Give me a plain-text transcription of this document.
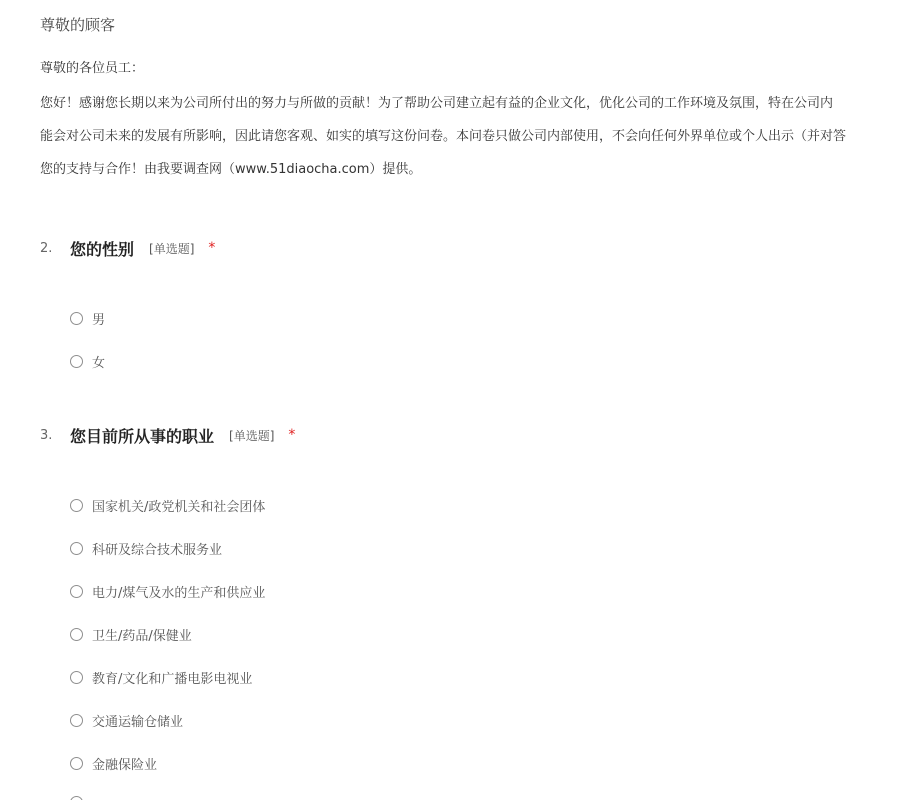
尊敬的顾客
尊敬的各位员工：
您好！感谢您长期以来为公司所付出的努力与所做的贡献！为了帮助公司建立起有益的企业文化，优化公司的工作环境及氛围，特在公司内
能会对公司未来的发展有所影响，因此请您客观、如实的填写这份问卷。本问卷只做公司内部使用，不会向任何外界单位或个人出示（并对答
您的支持与合作！由我要调查网（www.51diaocha.com）提供。
2.	您的性别 [单选题] *
男
女
3.	您目前所从事的职业 [单选题] *
国家机关/政党机关和社会团体
科研及综合技术服务业
电力/煤气及水的生产和供应业
卫生/药品/保健业
教育/文化和广播电影电视业
交通运输仓储业
金融保险业
